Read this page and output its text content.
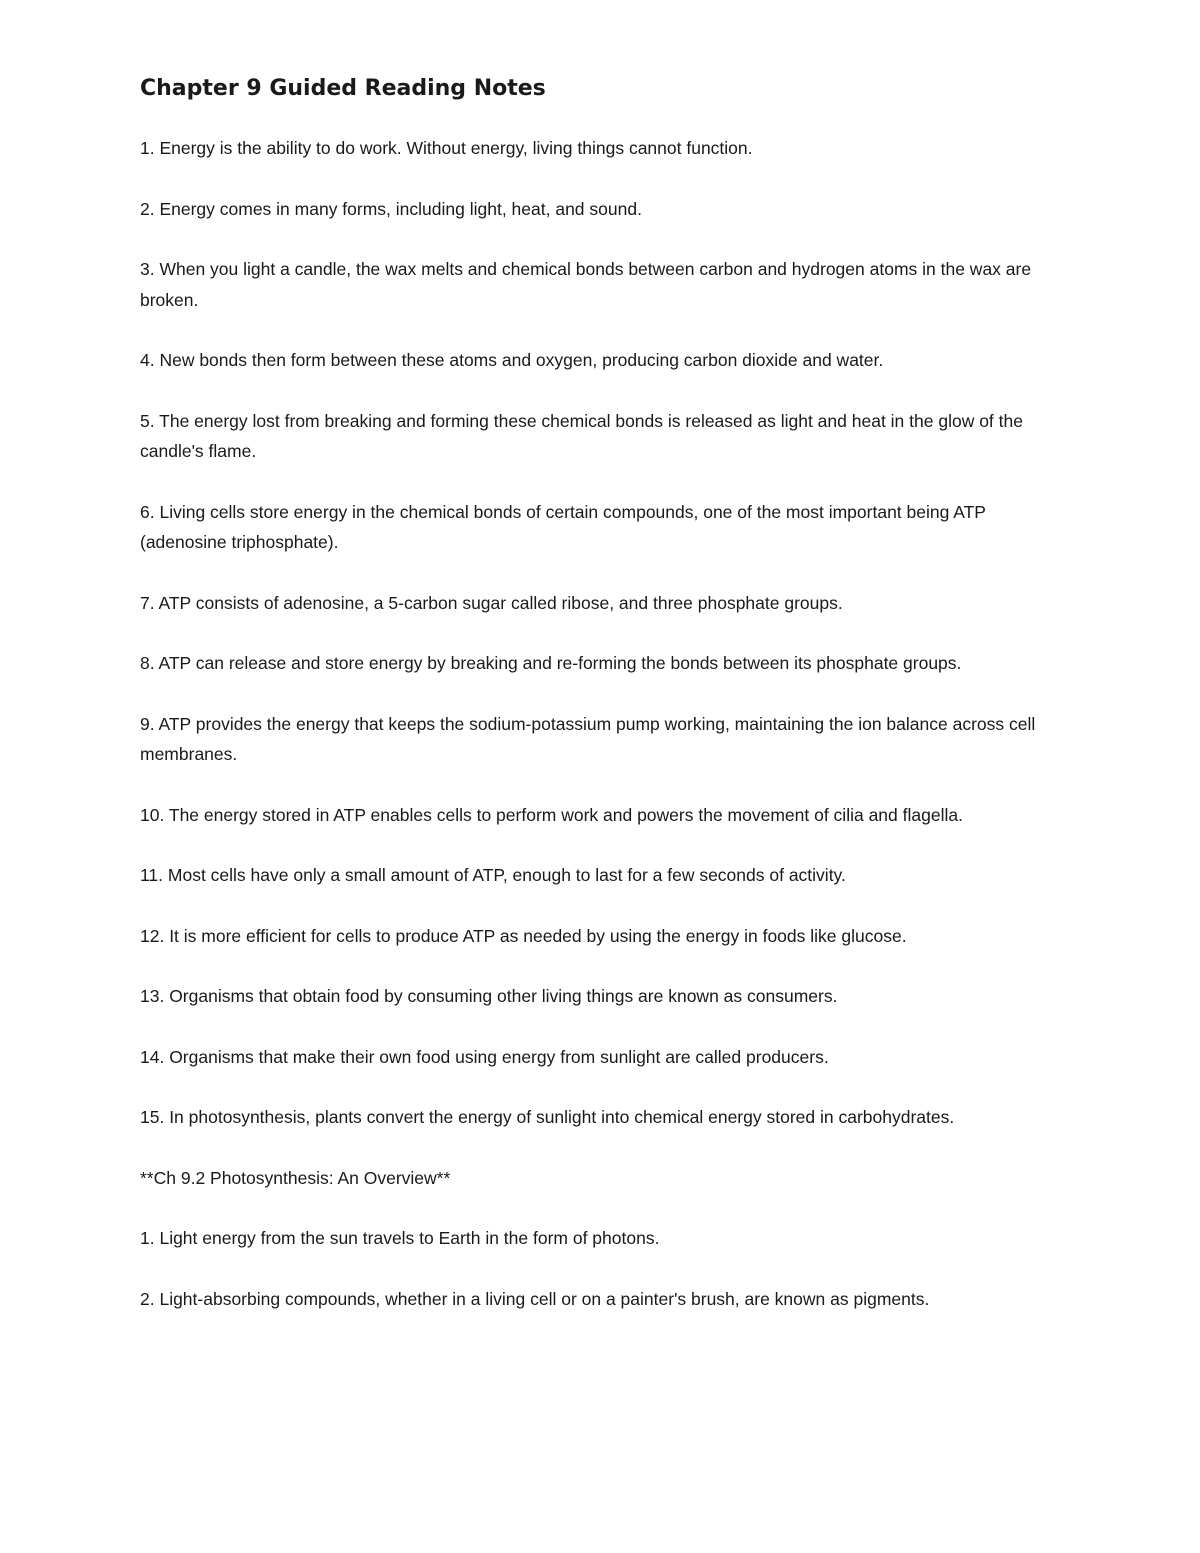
Chapter 9 Guided Reading Notes

1. Energy is the ability to do work. Without energy, living things cannot function.

2. Energy comes in many forms, including light, heat, and sound.

3. When you light a candle, the wax melts and chemical bonds between carbon and hydrogen atoms in the wax are broken.

4. New bonds then form between these atoms and oxygen, producing carbon dioxide and water.

5. The energy lost from breaking and forming these chemical bonds is released as light and heat in the glow of the candle's flame.

6. Living cells store energy in the chemical bonds of certain compounds, one of the most important being ATP (adenosine triphosphate).

7. ATP consists of adenosine, a 5-carbon sugar called ribose, and three phosphate groups.

8. ATP can release and store energy by breaking and re-forming the bonds between its phosphate groups.

9. ATP provides the energy that keeps the sodium-potassium pump working, maintaining the ion balance across cell membranes.

10. The energy stored in ATP enables cells to perform work and powers the movement of cilia and flagella.

11. Most cells have only a small amount of ATP, enough to last for a few seconds of activity.

12. It is more efficient for cells to produce ATP as needed by using the energy in foods like glucose.

13. Organisms that obtain food by consuming other living things are known as consumers.

14. Organisms that make their own food using energy from sunlight are called producers.

15. In photosynthesis, plants convert the energy of sunlight into chemical energy stored in carbohydrates.

**Ch 9.2 Photosynthesis: An Overview**

1. Light energy from the sun travels to Earth in the form of photons.

2. Light-absorbing compounds, whether in a living cell or on a painter's brush, are known as pigments.
